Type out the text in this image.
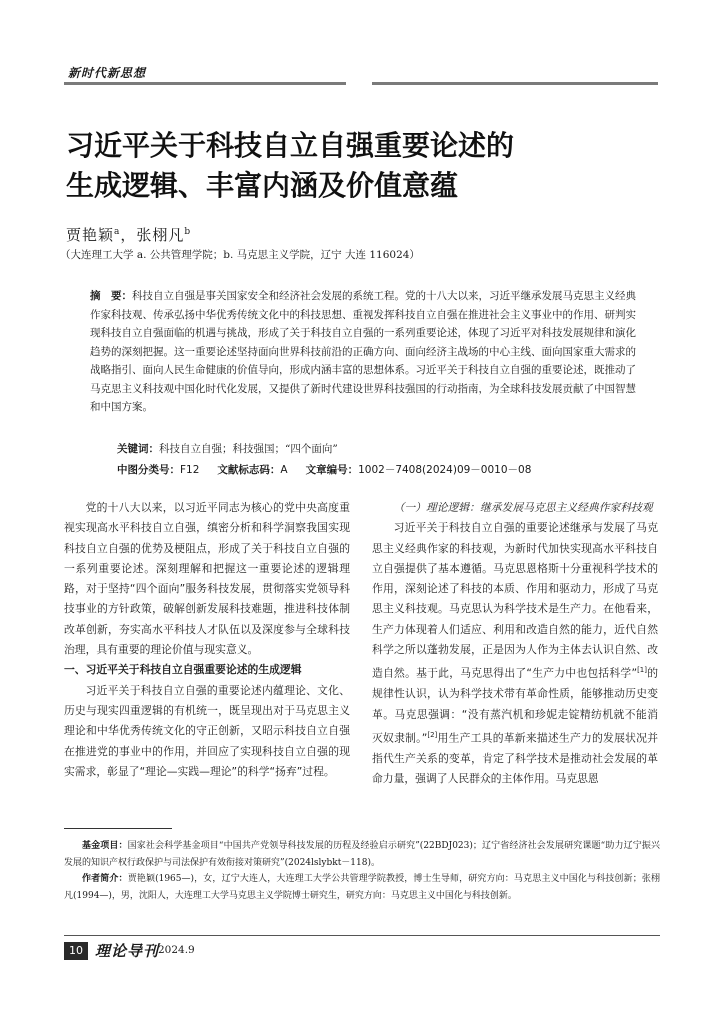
新时代新思想
习近平关于科技自立自强重要论述的
生成逻辑、丰富内涵及价值意蕴
贾艳颖$^a$，张栩凡$^b$
（大连理工大学 a. 公共管理学院；b. 马克思主义学院，辽宁 大连 116024）
摘　要：科技自立自强是事关国家安全和经济社会发展的系统工程。党的十八大以来，习近平继承发展马克思主义经典作家科技观、传承弘扬中华优秀传统文化中的科技思想、重视发挥科技自立自强在推进社会主义事业中的作用、研判实现科技自立自强面临的机遇与挑战，形成了关于科技自立自强的一系列重要论述，体现了习近平对科技发展规律和演化趋势的深刻把握。这一重要论述坚持面向世界科技前沿的正确方向、面向经济主战场的中心主线、面向国家重大需求的战略指引、面向人民生命健康的价值导向，形成内涵丰富的思想体系。习近平关于科技自立自强的重要论述，既推动了马克思主义科技观中国化时代化发展，又提供了新时代建设世界科技强国的行动指南，为全球科技发展贡献了中国智慧和中国方案。
关键词：科技自立自强；科技强国；“四个面向”
中图分类号：F12 文献标志码：A 文章编号：1002－7408(2024)09－0010－08

党的十八大以来，以习近平同志为核心的党中央高度重视实现高水平科技自立自强，缜密分析和科学洞察我国实现科技自立自强的优势及梗阻点，形成了关于科技自立自强的一系列重要论述。深刻理解和把握这一重要论述的逻辑理路，对于坚持“四个面向”服务科技发展，贯彻落实党领导科技事业的方针政策，破解创新发展科技难题，推进科技体制改革创新，夯实高水平科技人才队伍以及深度参与全球科技治理，具有重要的理论价值与现实意义。

一、习近平关于科技自立自强重要论述的生成逻辑

习近平关于科技自立自强的重要论述内蕴理论、文化、历史与现实四重逻辑的有机统一，既呈现出对于马克思主义理论和中华优秀传统文化的守正创新，又昭示科技自立自强在推进党的事业中的作用，并回应了实现科技自立自强的现实需求，彰显了“理论—实践—理论”的科学“扬弃”过程。

（一）理论逻辑：继承发展马克思主义经典作家科技观

习近平关于科技自立自强的重要论述继承与发展了马克思主义经典作家的科技观，为新时代加快实现高水平科技自立自强提供了基本遵循。马克思恩格斯十分重视科学技术的作用，深刻论述了科技的本质、作用和驱动力，形成了马克思主义科技观。马克思认为科学技术是生产力。在他看来，生产力体现着人们适应、利用和改造自然的能力，近代自然科学之所以蓬勃发展，正是因为人作为主体去认识自然、改造自然。基于此，马克思得出了“生产力中也包括科学”[1]的规律性认识，认为科学技术带有革命性质，能够推动历史变革。马克思强调：“没有蒸汽机和珍妮走锭精纺机就不能消灭奴隶制。”[2]用生产工具的革新来描述生产力的发展状况并指代生产关系的变革，肯定了科学技术是推动社会发展的革命力量，强调了人民群众的主体作用。马克思恩

基金项目：国家社会科学基金项目“中国共产党领导科技发展的历程及经验启示研究”(22BDJ023)；辽宁省经济社会发展研究课题“助力辽宁振兴发展的知识产权行政保护与司法保护有效衔接对策研究”(2024lslybkt－118)。

作者简介：贾艳颖(1965—)，女，辽宁大连人，大连理工大学公共管理学院教授，博士生导师，研究方向：马克思主义中国化与科技创新；张栩凡(1994—)，男，沈阳人，大连理工大学马克思主义学院博士研究生，研究方向：马克思主义中国化与科技创新。

10 理论导刊
2024.9
